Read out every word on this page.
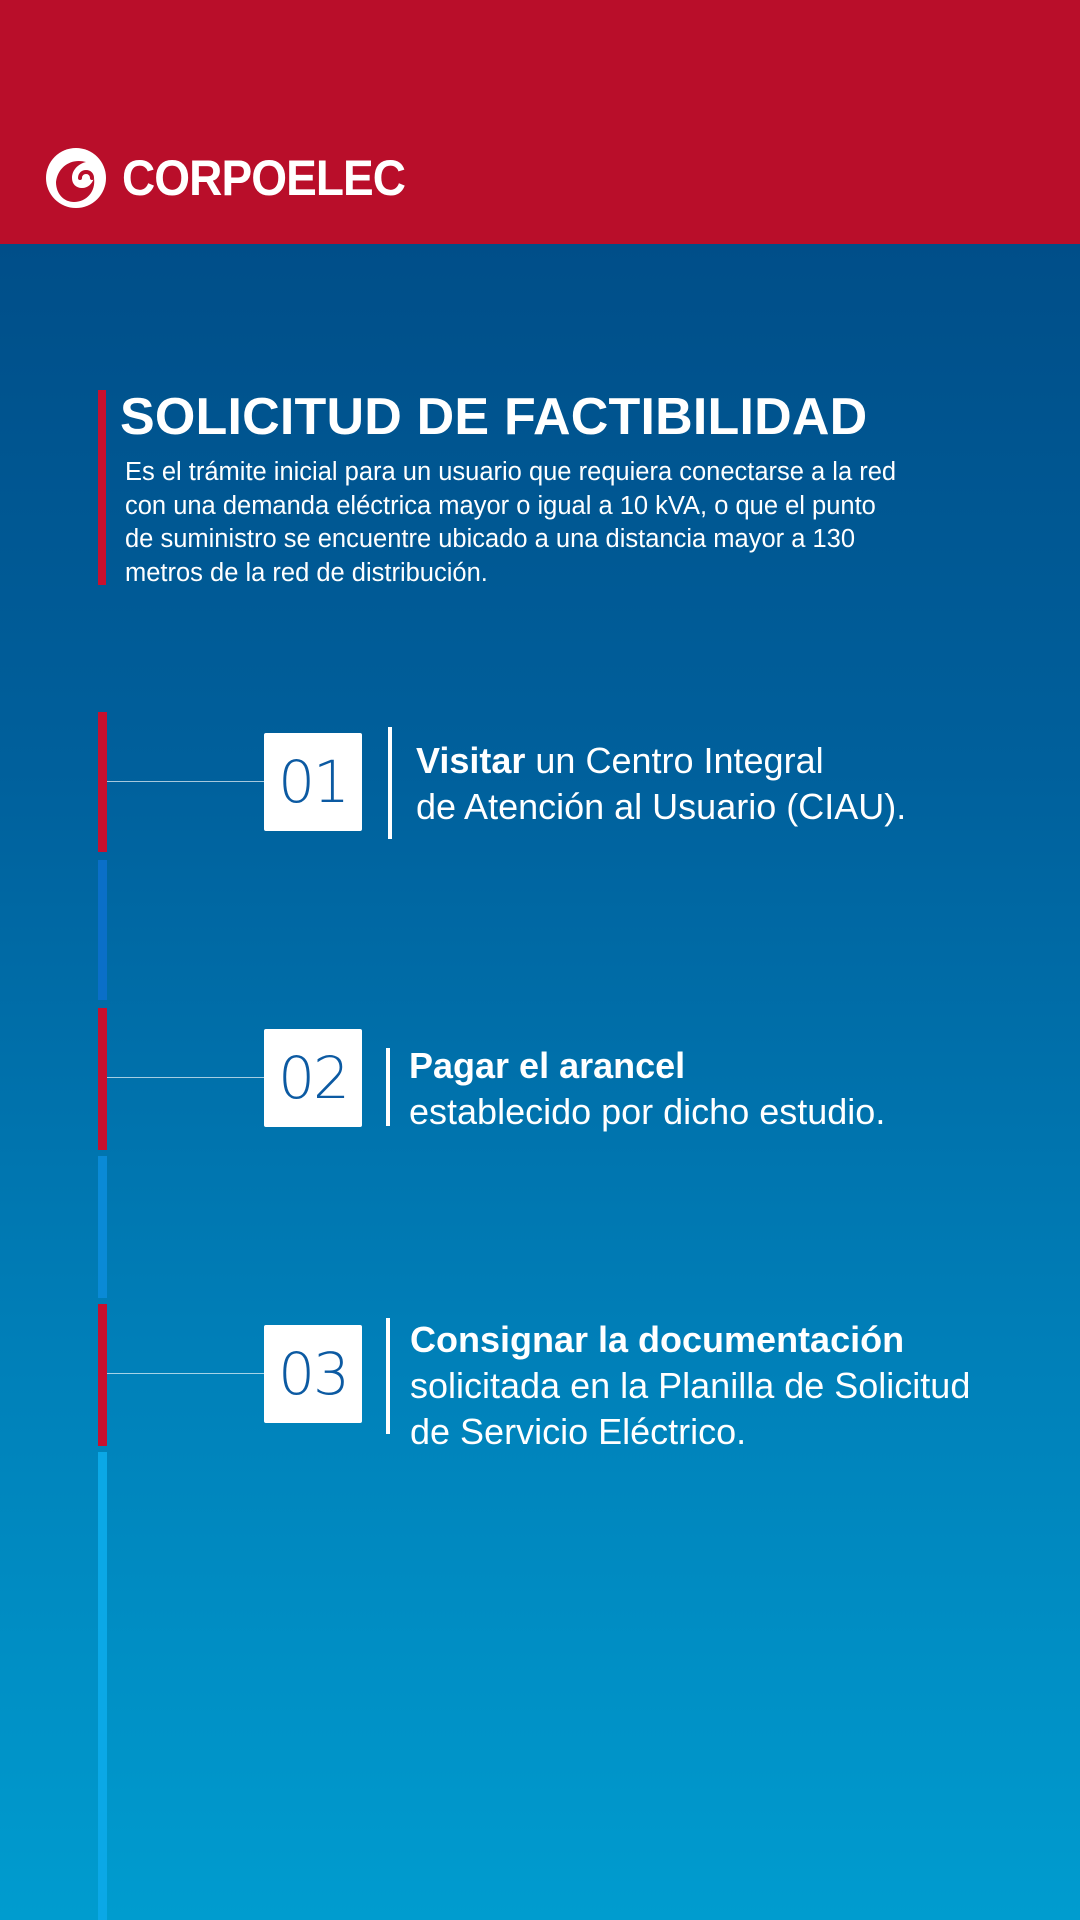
CORPOELEC
SOLICITUD DE FACTIBILIDAD
Es el trámite inicial para un usuario que requiera conectarse a la red
con una demanda eléctrica mayor o igual a 10 kVA, o que el punto
de suministro se encuentre ubicado a una distancia mayor a 130
metros de la red de distribución.
01 Visitar un Centro Integral
de Atención al Usuario (CIAU).
02 Pagar el arancel
establecido por dicho estudio.
03
Consignar la documentación
solicitada en la Planilla de Solicitud
de Servicio Eléctrico.
